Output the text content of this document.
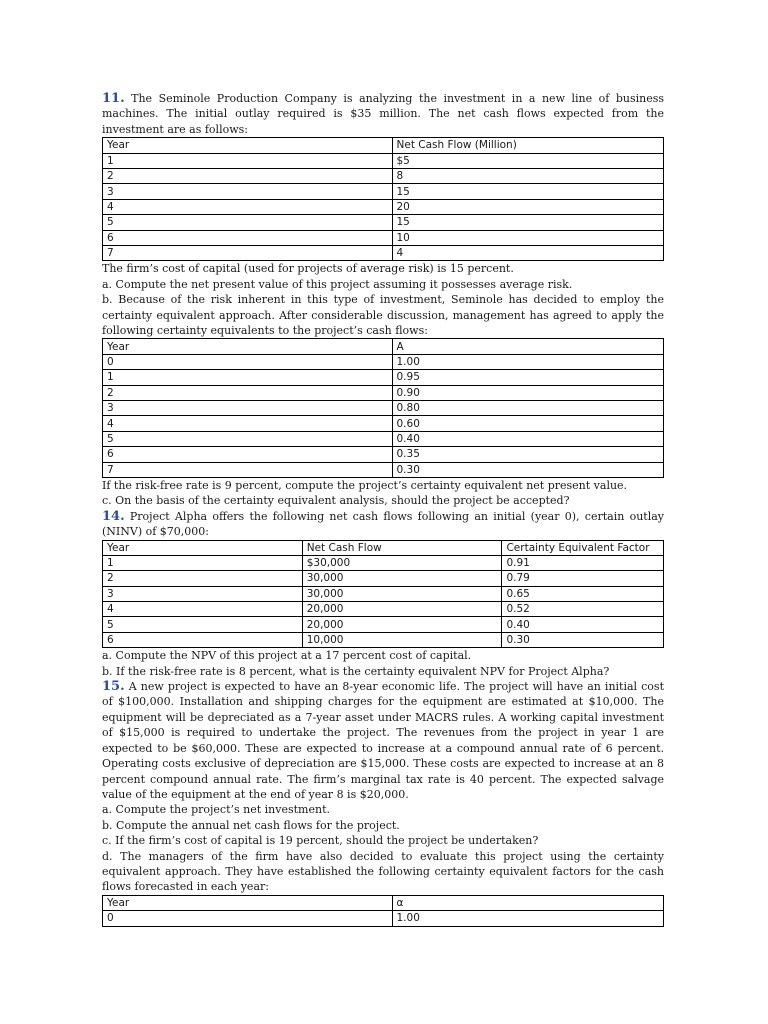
11. The Seminole Production Company is analyzing the investment in a new line of business machines. The initial outlay required is $35 million. The net cash flows expected from the investment are as follows:

Year	Net Cash Flow (Million)
1	$5
2	8
3	15
4	20
5	15
6	10
7	4

The firm’s cost of capital (used for projects of average risk) is 15 percent.

a. Compute the net present value of this project assuming it possesses average risk.

b. Because of the risk inherent in this type of investment, Seminole has decided to employ the certainty equivalent approach. After considerable discussion, management has agreed to apply the following certainty equivalents to the project’s cash flows:

Year	A
0	1.00
1	0.95
2	0.90
3	0.80
4	0.60
5	0.40
6	0.35
7	0.30

If the risk-free rate is 9 percent, compute the project’s certainty equivalent net present value.

c. On the basis of the certainty equivalent analysis, should the project be accepted?

14. Project Alpha offers the following net cash flows following an initial (year 0), certain outlay (NINV) of $70,000:

Year	Net Cash Flow	Certainty Equivalent Factor
1	$30,000	0.91
2	30,000	0.79
3	30,000	0.65
4	20,000	0.52
5	20,000	0.40
6	10,000	0.30

a. Compute the NPV of this project at a 17 percent cost of capital.

b. If the risk-free rate is 8 percent, what is the certainty equivalent NPV for Project Alpha?

15. A new project is expected to have an 8-year economic life. The project will have an initial cost of $100,000. Installation and shipping charges for the equipment are estimated at $10,000. The equipment will be depreciated as a 7-year asset under MACRS rules. A working capital investment of $15,000 is required to undertake the project. The revenues from the project in year 1 are expected to be $60,000. These are expected to increase at a compound annual rate of 6 percent. Operating costs exclusive of depreciation are $15,000. These costs are expected to increase at an 8 percent compound annual rate. The firm’s marginal tax rate is 40 percent. The expected salvage value of the equipment at the end of year 8 is $20,000.

a. Compute the project’s net investment.

b. Compute the annual net cash flows for the project.

c. If the firm’s cost of capital is 19 percent, should the project be undertaken?

d. The managers of the firm have also decided to evaluate this project using the certainty equivalent approach. They have established the following certainty equivalent factors for the cash flows forecasted in each year:

Year	α
0	1.00
